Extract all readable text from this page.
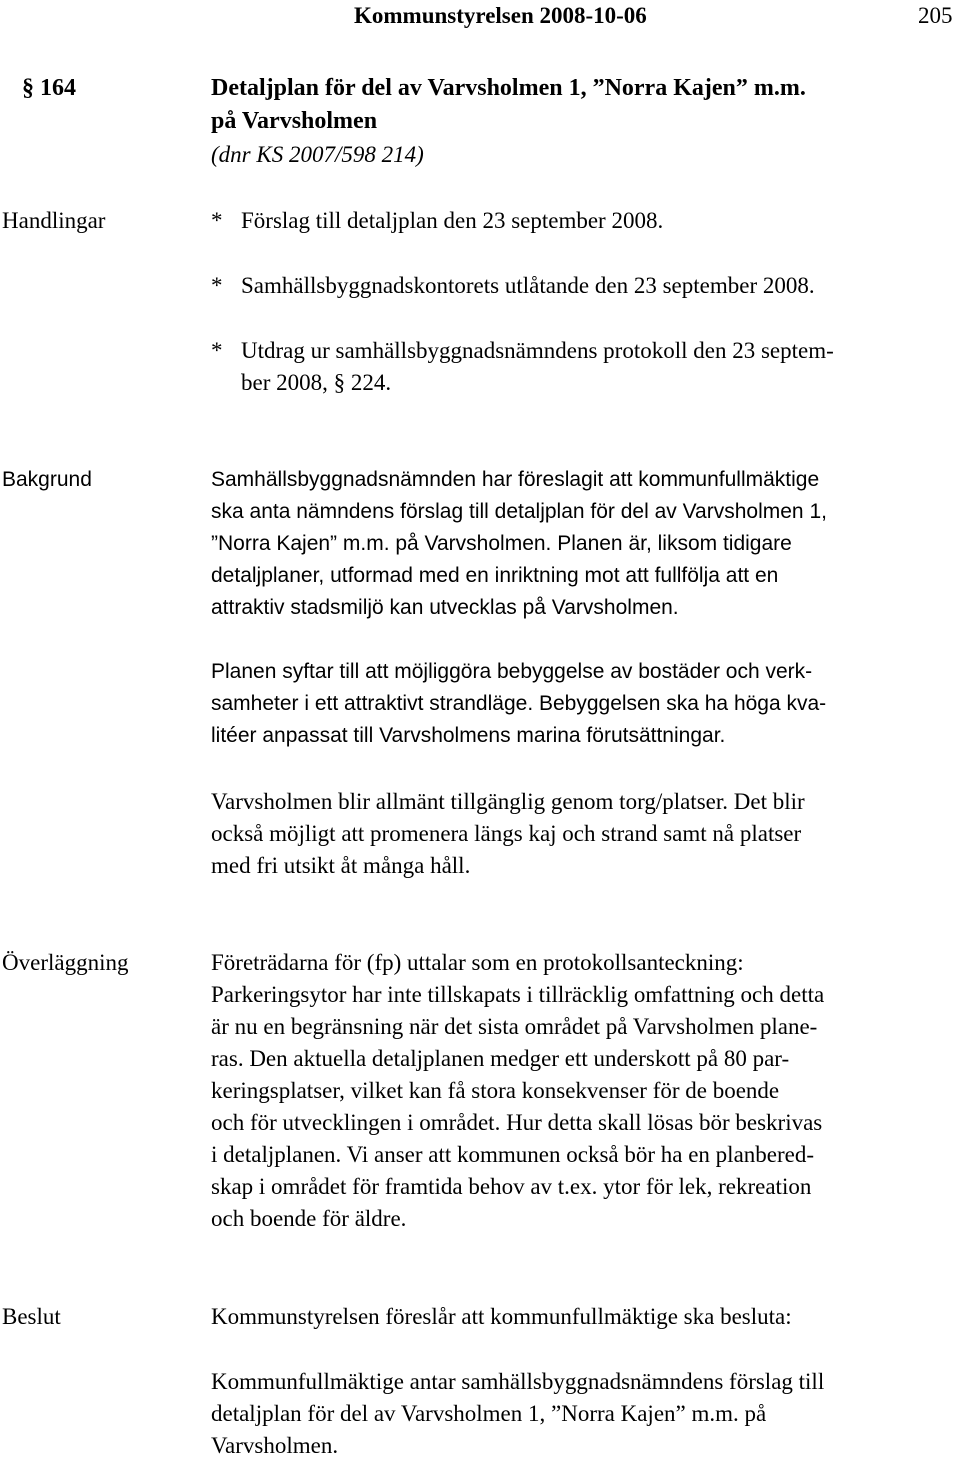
Kommunstyrelsen 2008-10-06	205

§ 164	Detaljplan för del av Varvsholmen 1, ”Norra Kajen” m.m.

på Varvsholmen

(dnr KS 2007/598 214)

Handlingar	* Förslag till detaljplan den 23 september 2008.

* Samhällsbyggnadskontorets utlåtande den 23 september 2008.

* Utdrag ur samhällsbyggnadsnämndens protokoll den 23 septem-

ber 2008, § 224.

Bakgrund	Samhällsbyggnadsnämnden har föreslagit att kommunfullmäktige

ska anta nämndens förslag till detaljplan för del av Varvsholmen 1,

”Norra Kajen” m.m. på Varvsholmen. Planen är, liksom tidigare

detaljplaner, utformad med en inriktning mot att fullfölja att en

attraktiv stadsmiljö kan utvecklas på Varvsholmen.

Planen syftar till att möjliggöra bebyggelse av bostäder och verk-

samheter i ett attraktivt strandläge. Bebyggelsen ska ha höga kva-

litéer anpassat till Varvsholmens marina förutsättningar.

Varvsholmen blir allmänt tillgänglig genom torg/platser. Det blir

också möjligt att promenera längs kaj och strand samt nå platser

med fri utsikt åt många håll.

Överläggning	Företrädarna för (fp) uttalar som en protokollsanteckning:

Parkeringsytor har inte tillskapats i tillräcklig omfattning och detta

är nu en begränsning när det sista området på Varvsholmen plane-

ras. Den aktuella detaljplanen medger ett underskott på 80 par-

keringsplatser, vilket kan få stora konsekvenser för de boende

och för utvecklingen i området. Hur detta skall lösas bör beskrivas

i detaljplanen. Vi anser att kommunen också bör ha en planbered-

skap i området för framtida behov av t.ex. ytor för lek, rekreation

och boende för äldre.

Beslut	Kommunstyrelsen föreslår att kommunfullmäktige ska besluta:

Kommunfullmäktige antar samhällsbyggnadsnämndens förslag till

detaljplan för del av Varvsholmen 1, ”Norra Kajen” m.m. på

Varvsholmen.
